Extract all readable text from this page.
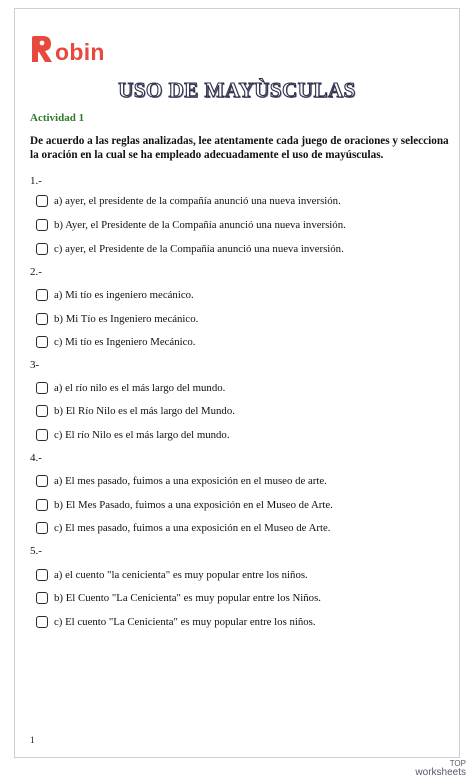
obin
USO DE MAYÙSCULAS
Actividad 1
De acuerdo a las reglas analizadas, lee atentamente cada juego de oraciones y selecciona la oración en la cual se ha empleado adecuadamente el uso de mayúsculas.
1.-
a) ayer, el presidente de la compañía anunció una nueva inversión.
b) Ayer, el Presidente de la Compañía anunció una nueva inversión.
c) ayer, el Presidente de la Compañía anunció una nueva inversión.
2.-
a) Mi tío es ingeniero mecánico.
b) Mi Tío es Ingeniero mecánico.
c) Mi tío es Ingeniero Mecánico.
3-
a) el río nilo es el más largo del mundo.
b) El Río Nilo es el más largo del Mundo.
c) El río Nilo es el más largo del mundo.
4.-
a) El mes pasado, fuimos a una exposición en el museo de arte.
b) El Mes Pasado, fuimos a una exposición en el Museo de Arte.
c) El mes pasado, fuimos a una exposición en el Museo de Arte.
5.-
a) el cuento "la cenicienta" es muy popular entre los niños.
b) El Cuento "La Cenicienta" es muy popular entre los Niños.
c) El cuento "La Cenicienta" es muy popular entre los niños.
1
TOP
worksheets
